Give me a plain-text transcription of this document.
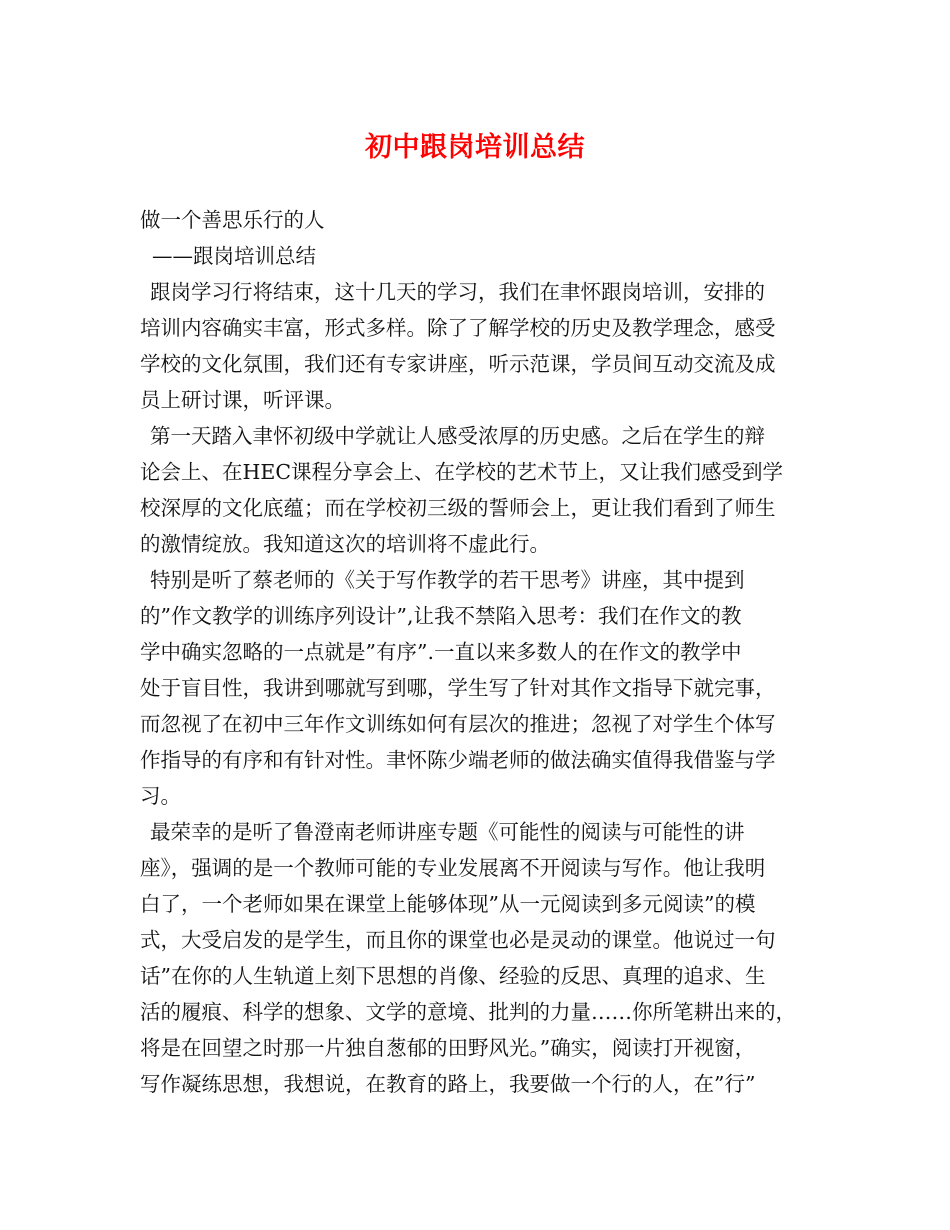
初中跟岗培训总结
做一个善思乐行的人
——跟岗培训总结
跟岗学习行将结束，这十几天的学习，我们在聿怀跟岗培训，安排的
培训内容确实丰富，形式多样。除了了解学校的历史及教学理念，感受
学校的文化氛围，我们还有专家讲座，听示范课，学员间互动交流及成
员上研讨课，听评课。
第一天踏入聿怀初级中学就让人感受浓厚的历史感。之后在学生的辩
论会上、在HEC课程分享会上、在学校的艺术节上，又让我们感受到学
校深厚的文化底蕴；而在学校初三级的誓师会上，更让我们看到了师生
的激情绽放。我知道这次的培训将不虚此行。
特别是听了蔡老师的《关于写作教学的若干思考》讲座，其中提到
的”作文教学的训练序列设计”,让我不禁陷入思考：我们在作文的教
学中确实忽略的一点就是”有序”.一直以来多数人的在作文的教学中
处于盲目性，我讲到哪就写到哪，学生写了针对其作文指导下就完事，
而忽视了在初中三年作文训练如何有层次的推进；忽视了对学生个体写
作指导的有序和有针对性。聿怀陈少端老师的做法确实值得我借鉴与学
习。
最荣幸的是听了鲁澄南老师讲座专题《可能性的阅读与可能性的讲
座》，强调的是一个教师可能的专业发展离不开阅读与写作。他让我明
白了，一个老师如果在课堂上能够体现”从一元阅读到多元阅读”的模
式，大受启发的是学生，而且你的课堂也必是灵动的课堂。他说过一句
话”在你的人生轨道上刻下思想的肖像、经验的反思、真理的追求、生
活的履痕、科学的想象、文学的意境、批判的力量……你所笔耕出来的，
将是在回望之时那一片独自葱郁的田野风光。”确实，阅读打开视窗，
写作凝练思想，我想说，在教育的路上，我要做一个行的人，在”行”
